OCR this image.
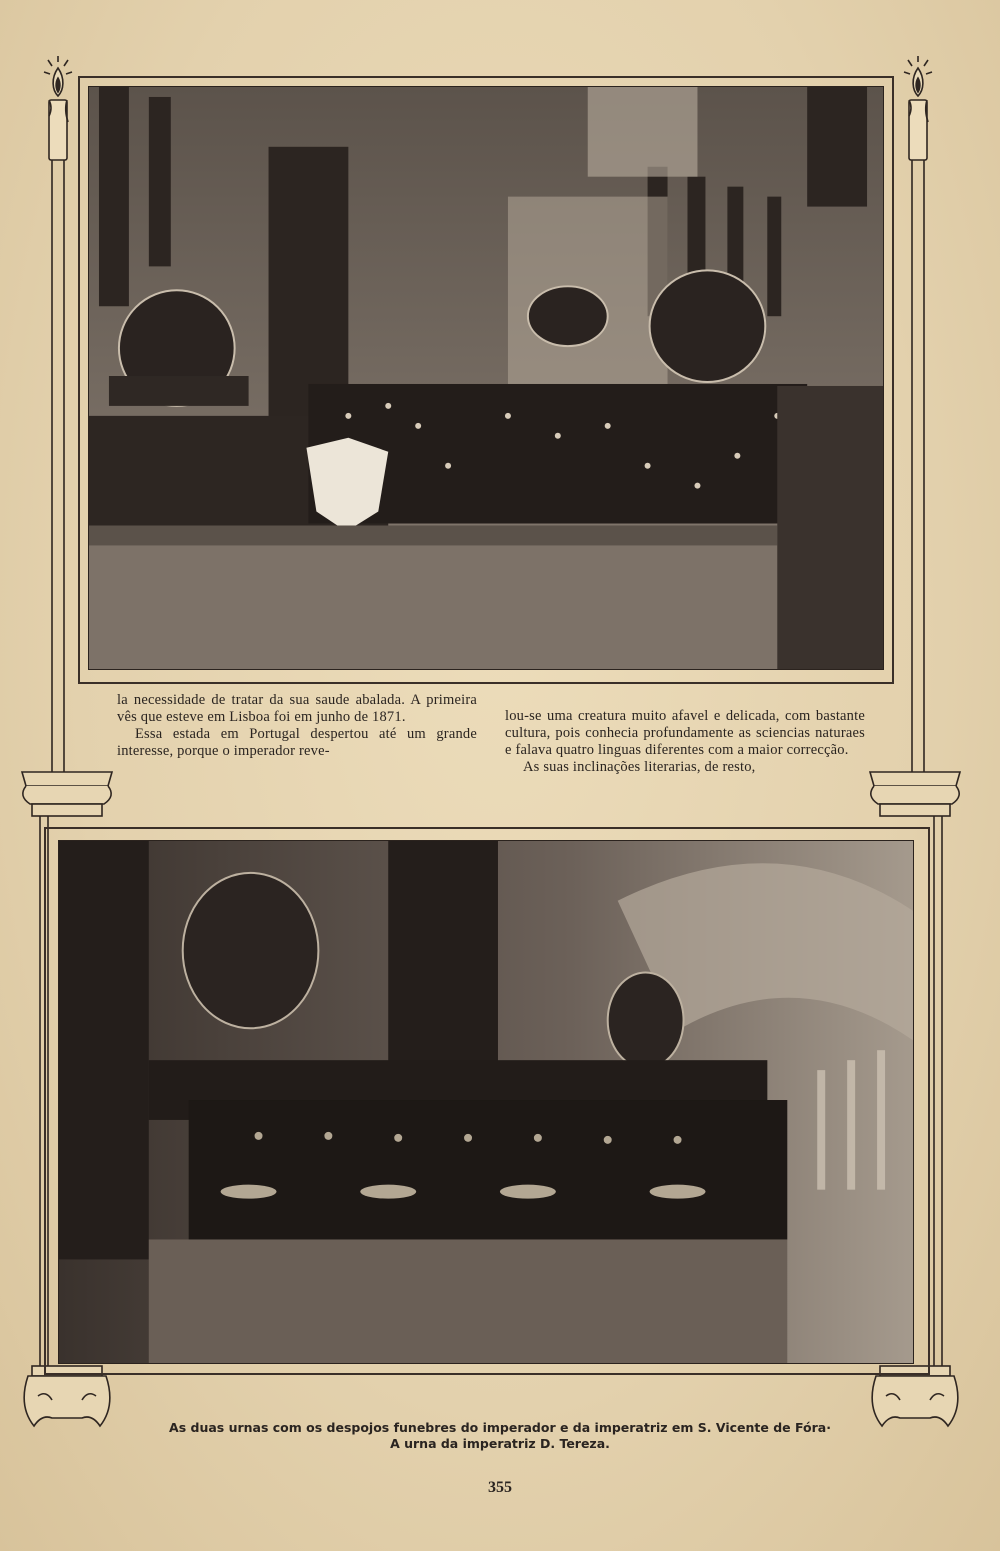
la necessidade de tratar da sua saude abalada. A primeira vês que esteve em Lisboa foi em junho de 1871.

Essa estada em Portugal despertou até um grande interesse, porque o imperador reve-

lou-se uma creatura muito afavel e delicada, com bastante cultura, pois conhecia profundamente as sciencias naturaes e falava quatro linguas diferentes com a maior correcção.

As suas inclinações literarias, de resto,

As duas urnas com os despojos funebres do imperador e da imperatriz em S. Vicente de Fóra·
A urna da imperatriz D. Tereza.
355
